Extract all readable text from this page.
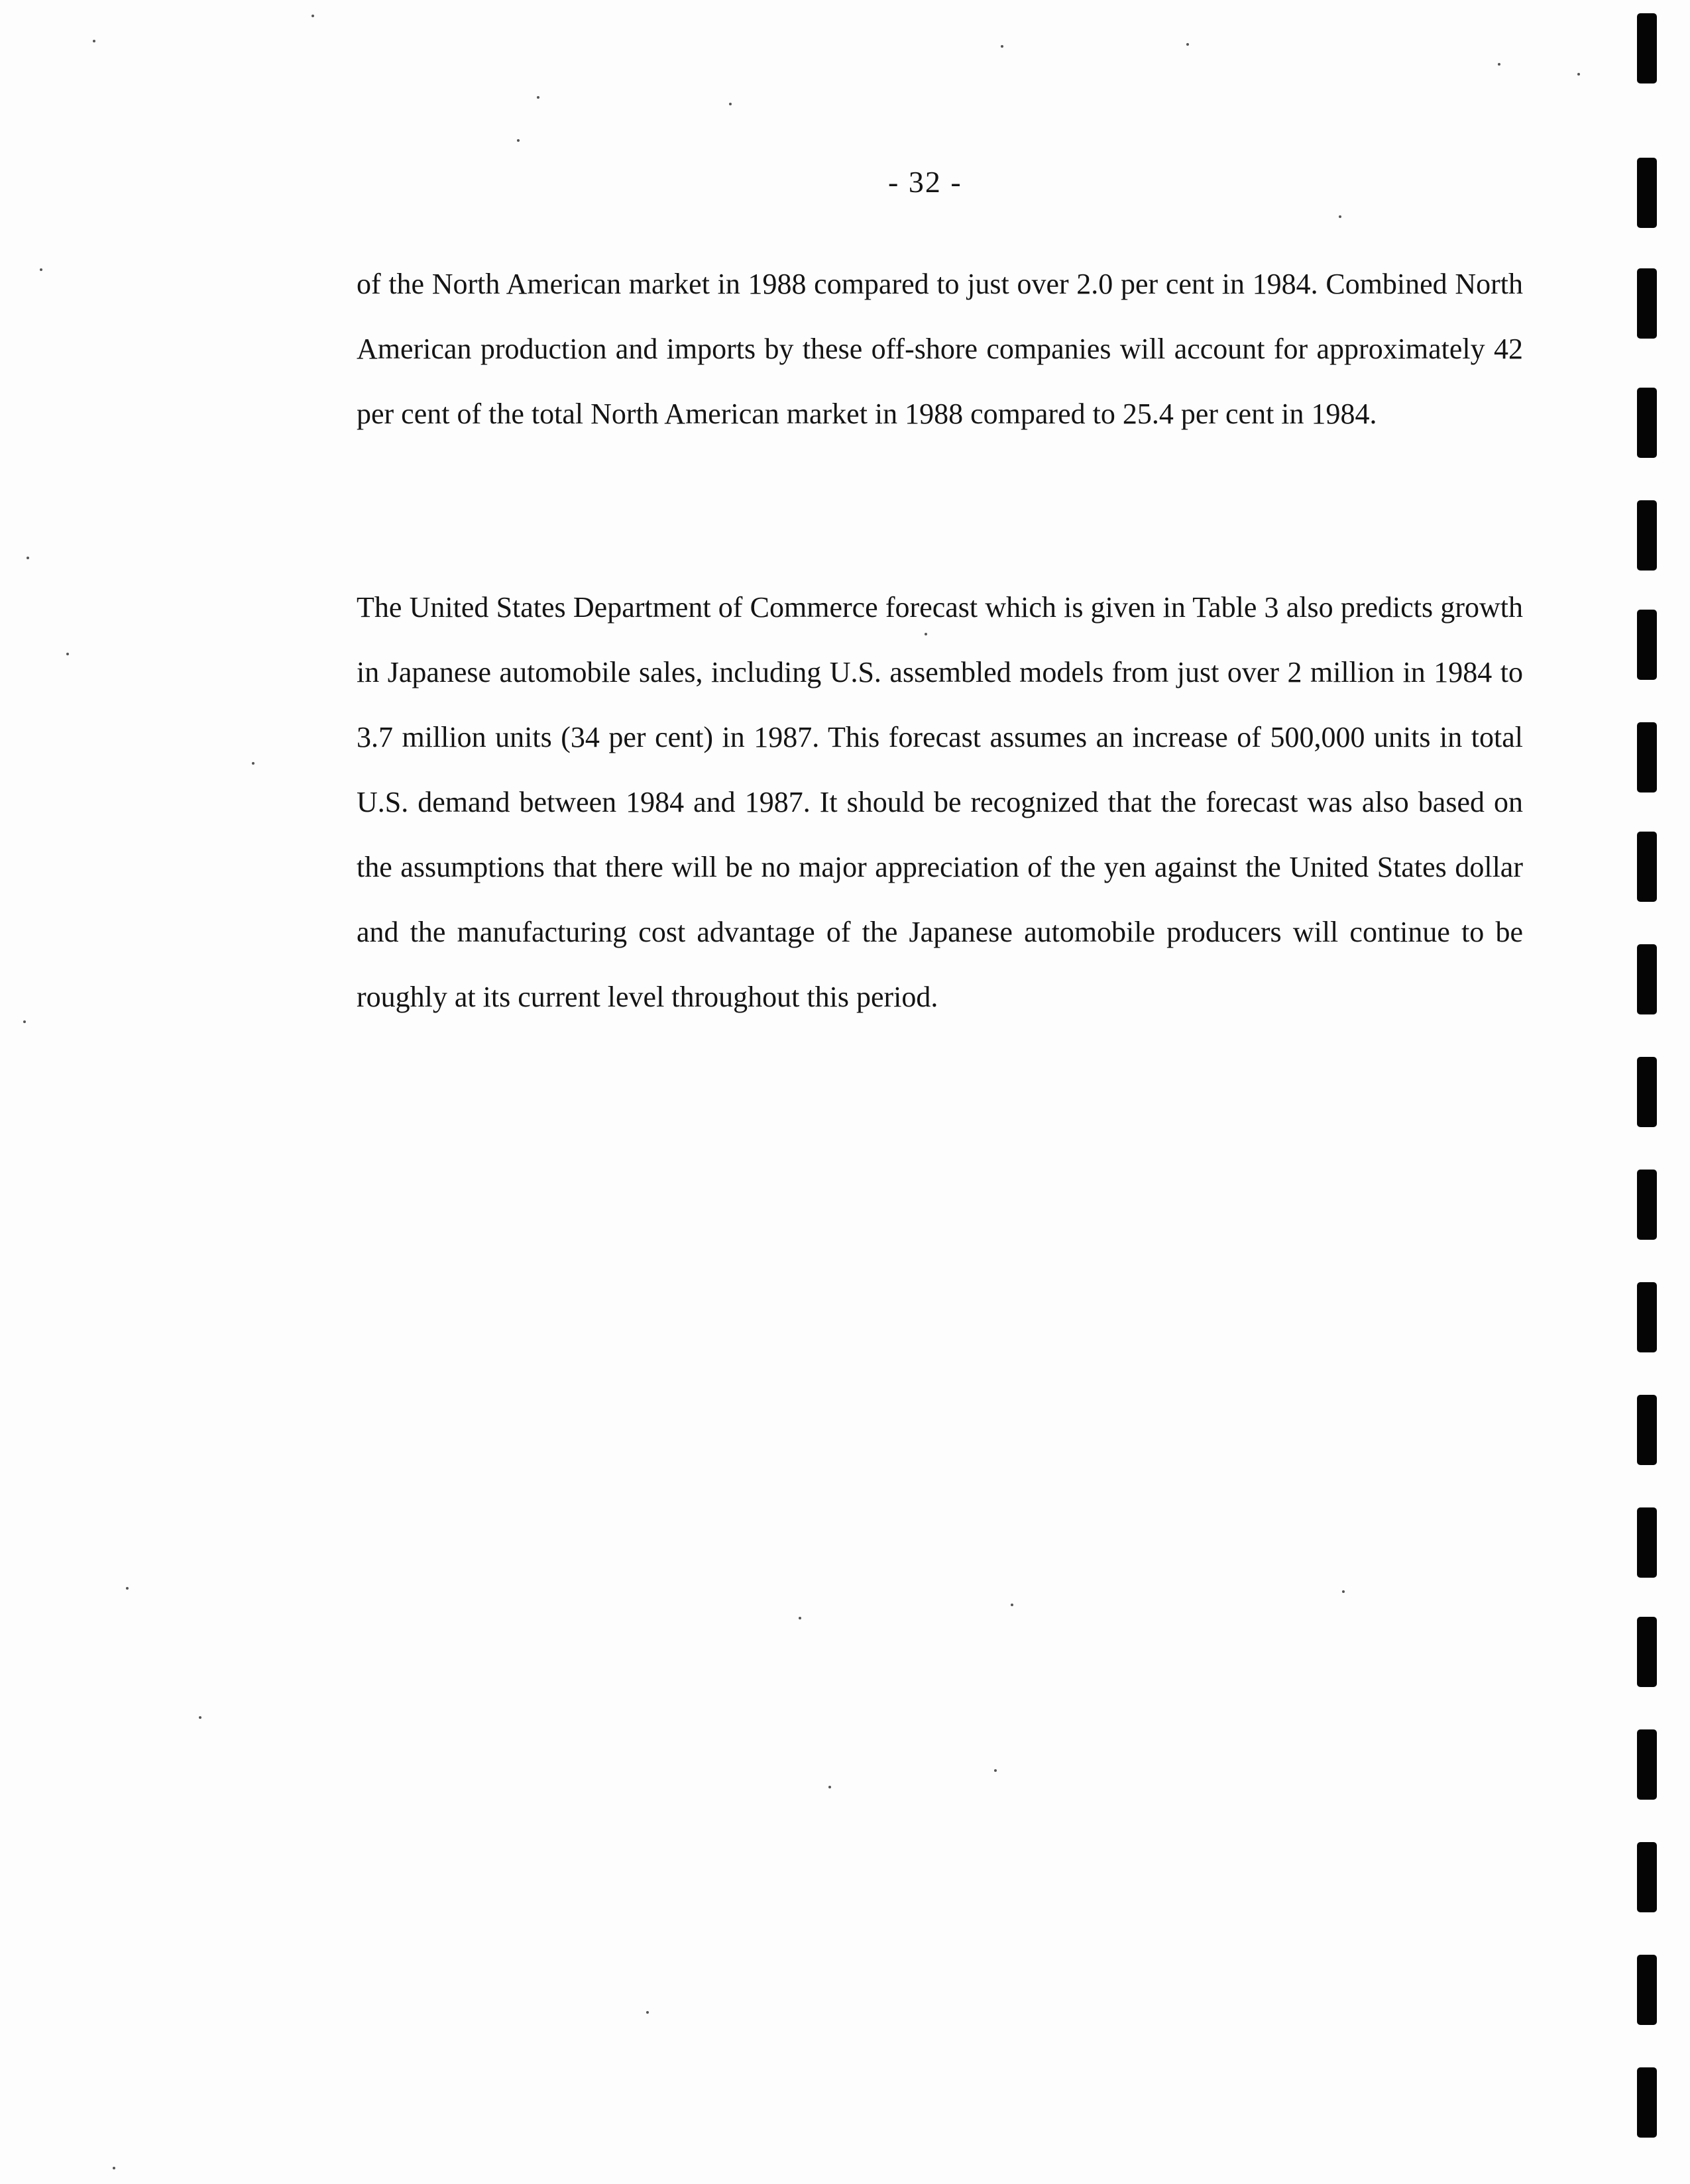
- 32 -

of the North American market in 1988 compared to just over 2.0 per cent in 1984. Combined North American production and imports by these off-shore companies will account for approximately 42 per cent of the total North American market in 1988 compared to 25.4 per cent in 1984.

The United States Department of Commerce forecast which is given in Table 3 also predicts growth in Japanese automobile sales, including U.S. assembled models from just over 2 million in 1984 to 3.7 million units (34 per cent) in 1987. This forecast assumes an increase of 500,000 units in total U.S. demand between 1984 and 1987. It should be recognized that the forecast was also based on the assumptions that there will be no major appreciation of the yen against the United States dollar and the manufacturing cost advantage of the Japanese automobile producers will continue to be roughly at its current level throughout this period.
